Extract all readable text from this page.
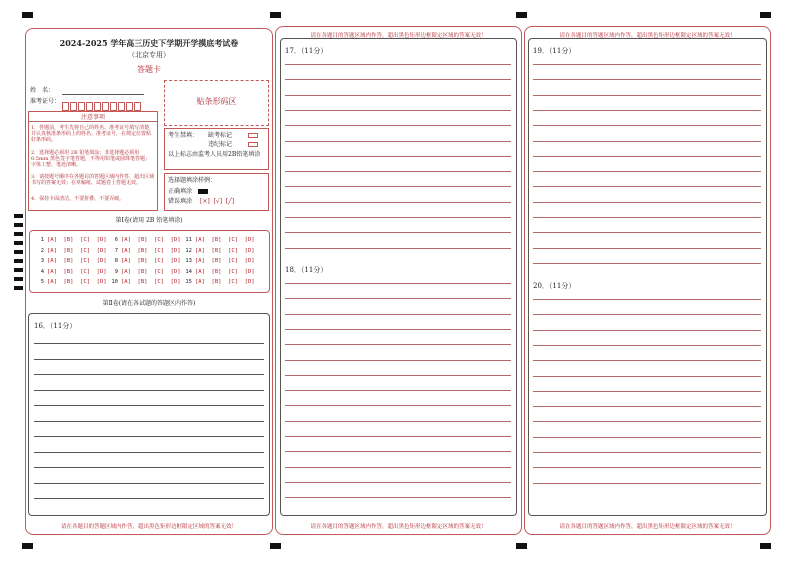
2024-2025 学年高三历史下学期开学摸底考试卷
（北京专用）
答题卡
姓　名：
准考证号：	贴条形码区
注意事项
1．答题前，考生先将自己的姓名、准考证号填写清楚，并认真核准条形码上的姓名、准考证号，在规定位置贴好条形码。
2．选择题必须用 2B 铅笔填涂；非选择题必须用 0.5mm 黑色签字笔答题，不得用铅笔或圆珠笔答题；字体工整、笔迹清晰。
3．请按题号顺序在各题目的答题区域内作答，超出区域书写的答案无效；在草稿纸、试题卷上答题无效。
4．保持卡面清洁，不要折叠、不要弄破。
考生禁填： 缺考标记
违纪标记
以上标志由监考人员用2B铅笔填涂
选择题填涂样例：
正确填涂
错误填涂 [×]  [√]  [╱]
第Ⅰ卷(请用 2B 铅笔填涂)
1 [A]  [B]  [C]  [D]
2 [A]  [B]  [C]  [D]
3 [A]  [B]  [C]  [D]
4 [A]  [B]  [C]  [D]
5 [A]  [B]  [C]  [D]
6 [A]  [B]  [C]  [D]
7 [A]  [B]  [C]  [D]
8 [A]  [B]  [C]  [D]
9 [A]  [B]  [C]  [D]
10 [A]  [B]  [C]  [D]
11 [A]  [B]  [C]  [D]
12 [A]  [B]  [C]  [D]
13 [A]  [B]  [C]  [D]
14 [A]  [B]  [C]  [D]
15 [A]  [B]  [C]  [D]
第Ⅱ卷(请在各试题的答题区内作答)
16．（11分）
请在各题目的答题区域内作答，超出黑色矩形边框限定区域的答案无效！
请在各题目的答题区域内作答，超出黑色矩形边框限定区域的答案无效！
17．（11分）
18．（11分）
请在各题目的答题区域内作答，超出黑色矩形边框限定区域的答案无效！
请在各题目的答题区域内作答，超出黑色矩形边框限定区域的答案无效！
19．（11分）
20．（11分）
请在各题目的答题区域内作答，超出黑色矩形边框限定区域的答案无效！
